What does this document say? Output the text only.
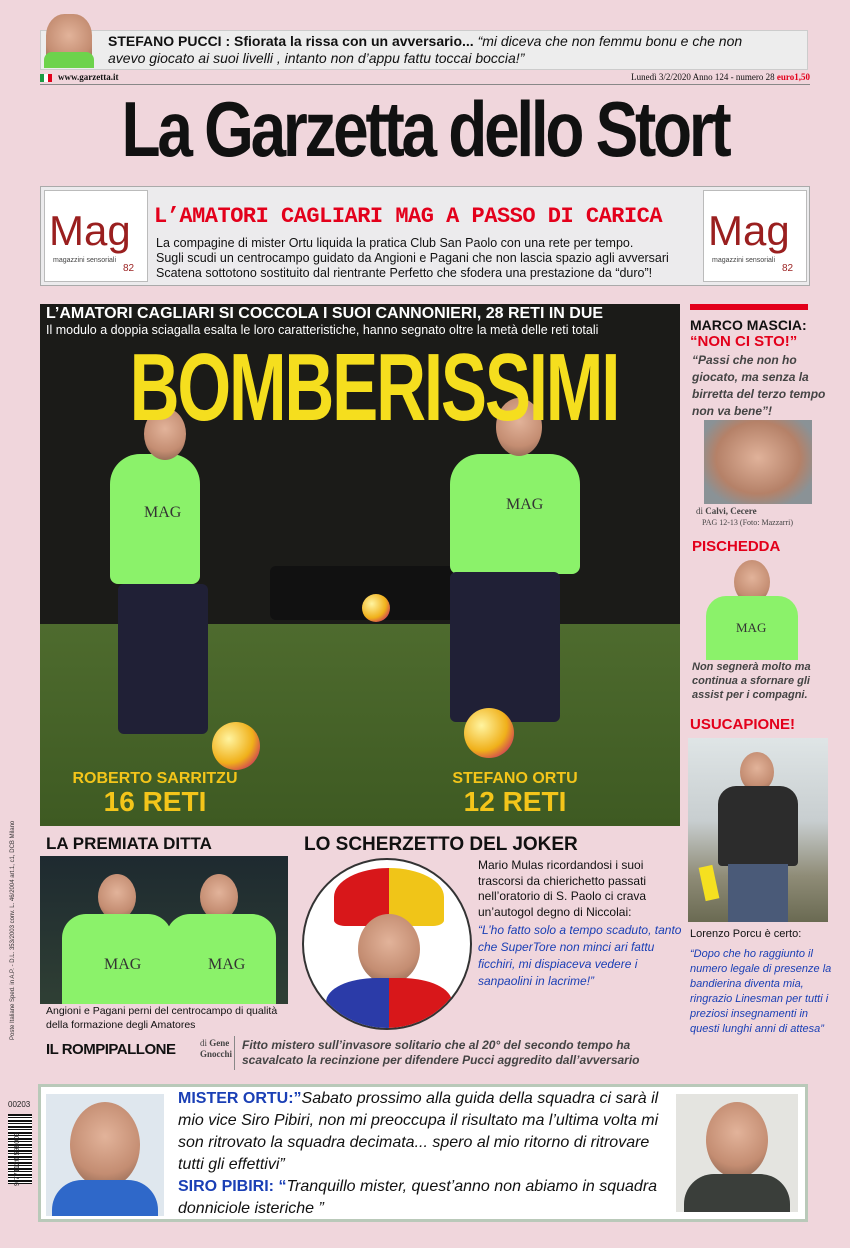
STEFANO PUCCI : Sfiorata la rissa con un avversario... “mi diceva che non femmu bonu e che non avevo giocato ai suoi livelli , intanto non d’appu fattu toccai boccia!”
www.garzetta.it	Lunedì 3/2/2020 Anno 124 - numero 28 euro1,50
La Garzetta dello Stort
Mag
magazzini sensoriali
82
Mag
magazzini sensoriali
82
L’AMATORI CAGLIARI MAG A PASSO DI CARICA
La compagine di mister Ortu liquida la pratica Club San Paolo con una rete per tempo.
Sugli scudi un centrocampo guidato da Angioni e Pagani che non lascia spazio agli avversari
Scatena sottotono sostituito dal rientrante Perfetto che sfodera una prestazione da “duro”!
MAG	MAG
L’AMATORI CAGLIARI SI COCCOLA I SUOI CANNONIERI, 28 RETI IN DUE
Il modulo a doppia sciagalla esalta le loro caratteristiche, hanno segnato oltre la metà delle reti totali
BOMBERISSIMI
ROBERTO SARRITZU
16 RETI
STEFANO ORTU
12 RETI
MARCO MASCIA:
“NON CI STO!”
“Passi che non ho giocato, ma senza la birretta del terzo tempo non va bene”!
di Calvi, Cecere
PAG 12-13 (Foto: Mazzarri)
PISCHEDDA
MAG
Non segnerà molto ma continua a sfornare gli assist per i compagni.
USUCAPIONE!
Lorenzo Porcu è certo:
“Dopo che ho raggiunto il numero legale di presenze la bandierina diventa mia, ringrazio Linesman per tutti i preziosi insegnamenti in questi lunghi anni di attesa”
LA PREMIATA DITTA
MAG	MAG
Angioni e Pagani perni del centrocampo di qualità della formazione degli Amatores
LO SCHERZETTO DEL JOKER
Mario Mulas ricordandosi i suoi trascorsi da chierichetto passati nell’oratorio di S. Paolo ci crava un’autogol degno di Niccolai:
“L’ho fatto solo a tempo scaduto, tanto che SuperTore non minci ari fattu ficchiri, mi dispiaceva vedere i sanpaolini in lacrime!”
IL ROMPIPALLONE	di Gene Gnocchi
Fitto mistero sull’invasore solitario che al 20° del secondo tempo ha scavalcato la recinzione per difendere Pucci aggredito dall’avversario
MISTER ORTU:”Sabato prossimo alla guida della squadra ci sarà il mio vice Siro Pibiri, non mi preoccupa il risultato ma l’ultima volta mi son ritrovato la squadra decimata... spero al mio ritorno di ritrovare tutti gli effettivi”
SIRO PIBIRI: “Tranquillo mister, quest’anno non abiamo in squadra donniciole isteriche ”
Poste Italiane Sped. in A.P. - D.L. 353/2003 conv. L. 46/2004 art.1, c1, DCB Milano
00203
9 771120 598003
